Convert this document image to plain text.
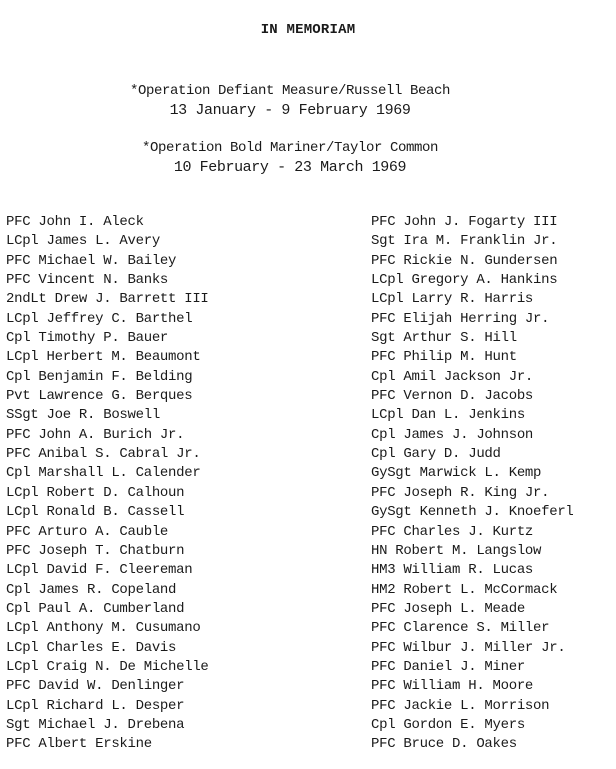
IN MEMORIAM
*Operation Defiant Measure/Russell Beach
13 January - 9 February 1969
*Operation Bold Mariner/Taylor Common
10 February - 23 March 1969
PFC John I. Aleck
LCpl James L. Avery
PFC Michael W. Bailey
PFC Vincent N. Banks
2ndLt Drew J. Barrett III
LCpl Jeffrey C. Barthel
Cpl Timothy P. Bauer
LCpl Herbert M. Beaumont
Cpl Benjamin F. Belding
Pvt Lawrence G. Berques
SSgt Joe R. Boswell
PFC John A. Burich Jr.
PFC Anibal S. Cabral Jr.
Cpl Marshall L. Calender
LCpl Robert D. Calhoun
LCpl Ronald B. Cassell
PFC Arturo A. Cauble
PFC Joseph T. Chatburn
LCpl David F. Cleereman
Cpl James R. Copeland
Cpl Paul A. Cumberland
LCpl Anthony M. Cusumano
LCpl Charles E. Davis
LCpl Craig N. De Michelle
PFC David W. Denlinger
LCpl Richard L. Desper
Sgt Michael J. Drebena
PFC Albert Erskine
PFC John J. Fogarty III
Sgt Ira M. Franklin Jr.
PFC Rickie N. Gundersen
LCpl Gregory A. Hankins
LCpl Larry R. Harris
PFC Elijah Herring Jr.
Sgt Arthur S. Hill
PFC Philip M. Hunt
Cpl Amil Jackson Jr.
PFC Vernon D. Jacobs
LCpl Dan L. Jenkins
Cpl James J. Johnson
Cpl Gary D. Judd
GySgt Marwick L. Kemp
PFC Joseph R. King Jr.
GySgt Kenneth J. Knoeferl
PFC Charles J. Kurtz
HN Robert M. Langslow
HM3 William R. Lucas
HM2 Robert L. McCormack
PFC Joseph L. Meade
PFC Clarence S. Miller
PFC Wilbur J. Miller Jr.
PFC Daniel J. Miner
PFC William H. Moore
PFC Jackie L. Morrison
Cpl Gordon E. Myers
PFC Bruce D. Oakes
